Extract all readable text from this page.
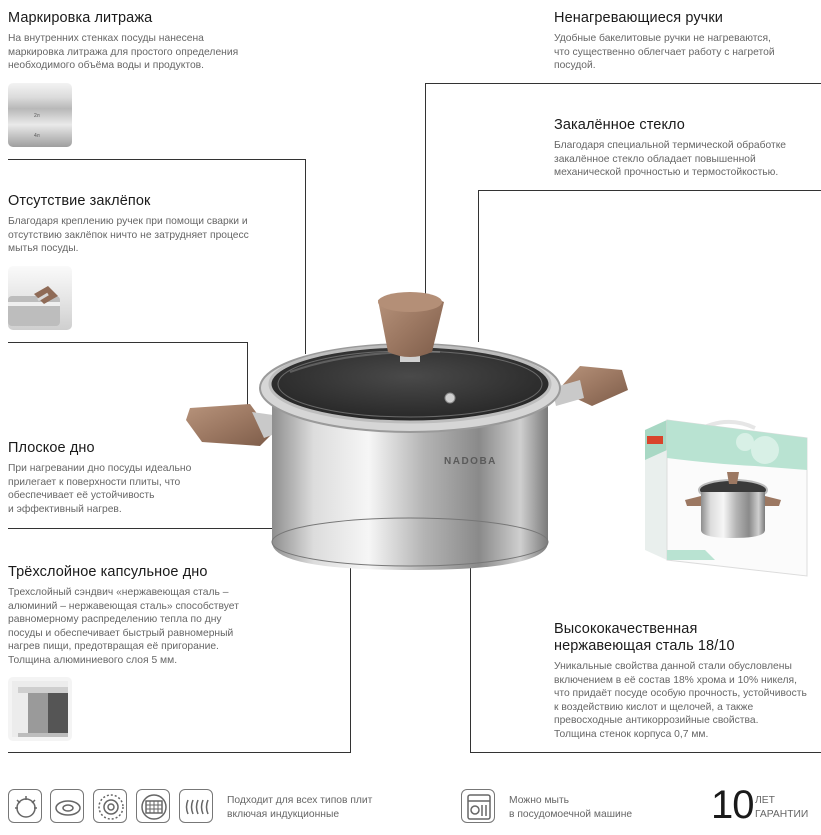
Маркировка литража
На внутренних стенках посуды нанесена
маркировка литража для простого определения
необходимого объёма воды и продуктов.
2л
4л
Отсутствие заклёпок
Благодаря креплению ручек при помощи сварки и
отсутствию заклёпок ничто не затрудняет процесс
мытья посуды.
Плоское дно
При нагревании дно посуды идеально
прилегает к поверхности плиты, что
обеспечивает её устойчивость
и эффективный нагрев.
Трёхслойное капсульное дно
Трехслойный сэндвич «нержавеющая сталь –
алюминий – нержавеющая сталь» способствует
равномерному распределению тепла по дну
посуды и обеспечивает быстрый равномерный
нагрев пищи, предотвращая её пригорание.
Толщина алюминиевого слоя 5 мм.
Ненагревающиеся ручки
Удобные бакелитовые ручки не нагреваются,
что существенно облегчает работу с нагретой
посудой.
Закалённое стекло
Благодаря специальной термической обработке
закалённое стекло обладает повышенной
механической прочностью и термостойкостью.
Высококачественная
нержавеющая сталь 18/10
Уникальные свойства данной стали обусловлены
включением в её состав 18% хрома и 10% никеля,
что придаёт посуде особую прочность, устойчивость
к воздействию кислот и щелочей, а также
превосходные антикоррозийные свойства.
Толщина стенок корпуса 0,7 мм.
NADOBA
Подходит для всех типов плит
включая индукционные
Можно мыть
в посудомоечной машине	10 ЛЕТ
ГАРАНТИИ
